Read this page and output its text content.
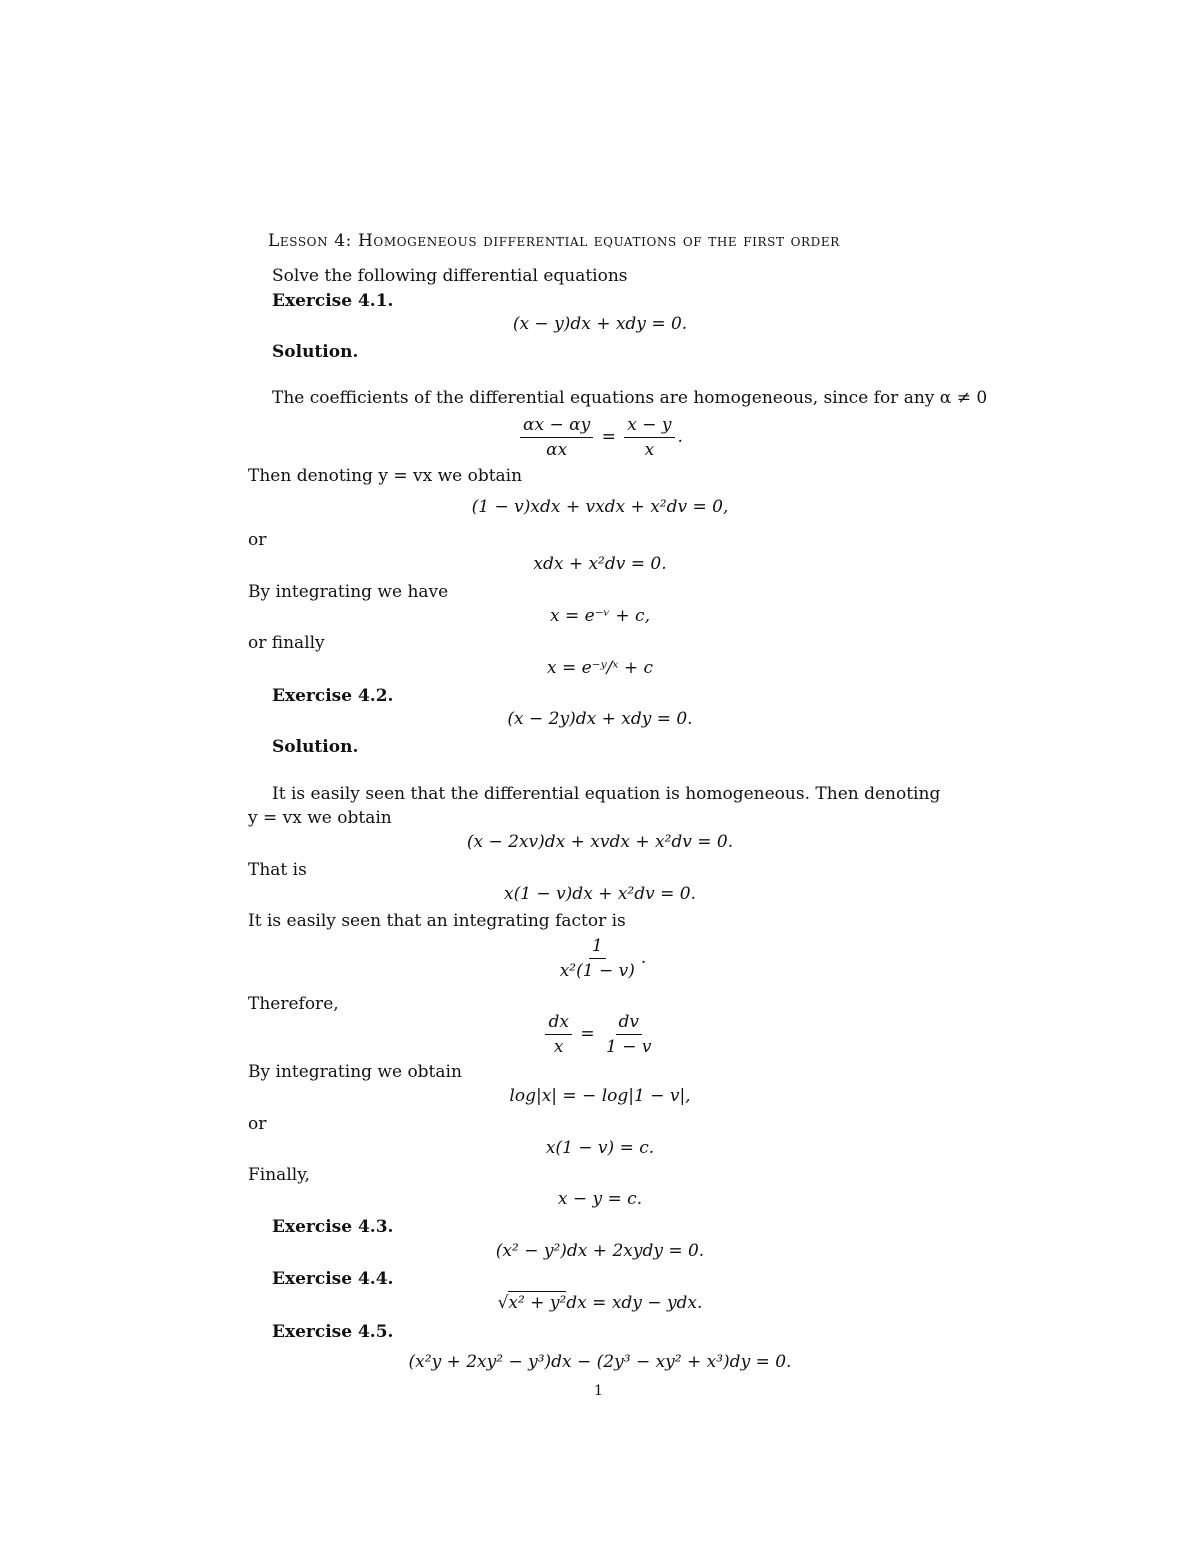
Lesson 4: Homogeneous differential equations of the first order
Solve the following differential equations
Exercise 4.1.
(x − y)dx + xdy = 0.
Solution.
The coefficients of the differential equations are homogeneous, since for any α ≠ 0
$\frac{\alpha x - \alpha y}{\alpha x} = \frac{x - y}{x}$ .
Then denoting y = vx we obtain
(1 − v)xdx + vxdx + x²dv = 0,
or
xdx + x²dv = 0.
By integrating we have
x = e⁻ᵛ + c,
or finally
x = e⁻ʸ/ˣ + c
Exercise 4.2.
(x − 2y)dx + xdy = 0.
Solution.
It is easily seen that the differential equation is homogeneous. Then denoting
y = vx we obtain
(x − 2xv)dx + xvdx + x²dv = 0.
That is
x(1 − v)dx + x²dv = 0.
It is easily seen that an integrating factor is
$\frac{1}{\text{x²(1 − v)}}$ .
Therefore,
$\frac{dx}{x} = \frac{dv}{1 - v}$
By integrating we obtain
log|x| = − log|1 − v|,
or
x(1 − v) = c.
Finally,
x − y = c.
Exercise 4.3.
(x² − y²)dx + 2xydy = 0.
Exercise 4.4.
√x² + y²dx = xdy − ydx.
Exercise 4.5.
(x²y + 2xy² − y³)dx − (2y³ − xy² + x³)dy = 0.
1
